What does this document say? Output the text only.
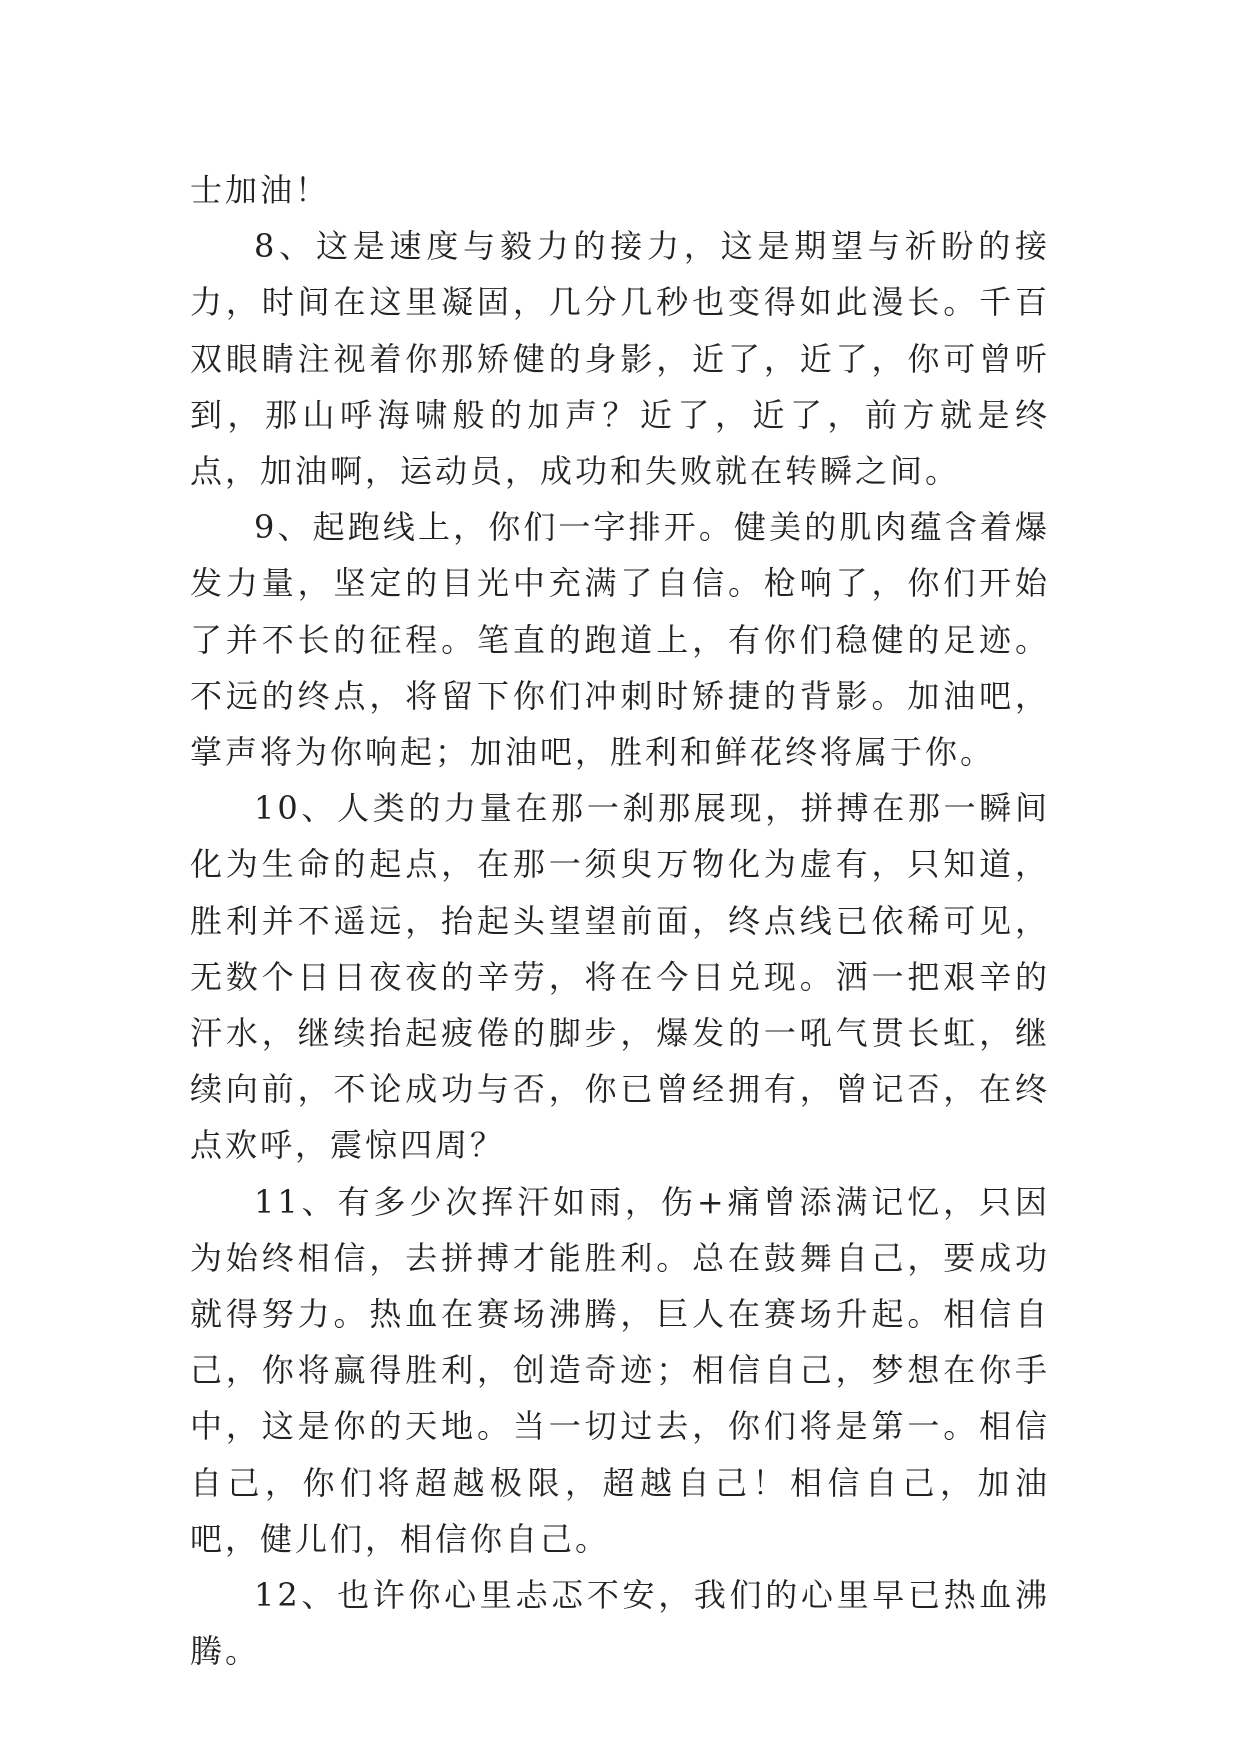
士加油！

8、这是速度与毅力的接力，这是期望与祈盼的接力，时间在这里凝固，几分几秒也变得如此漫长。千百双眼睛注视着你那矫健的身影，近了，近了，你可曾听到，那山呼海啸般的加声？近了，近了，前方就是终点，加油啊，运动员，成功和失败就在转瞬之间。

9、起跑线上，你们一字排开。健美的肌肉蕴含着爆发力量，坚定的目光中充满了自信。枪响了，你们开始了并不长的征程。笔直的跑道上，有你们稳健的足迹。不远的终点，将留下你们冲刺时矫捷的背影。加油吧，掌声将为你响起；加油吧，胜利和鲜花终将属于你。

10、人类的力量在那一刹那展现，拼搏在那一瞬间化为生命的起点，在那一须臾万物化为虚有，只知道，胜利并不遥远，抬起头望望前面，终点线已依稀可见，无数个日日夜夜的辛劳，将在今日兑现。洒一把艰辛的汗水，继续抬起疲倦的脚步，爆发的一吼气贯长虹，继续向前，不论成功与否，你已曾经拥有，曾记否，在终点欢呼，震惊四周？

11、有多少次挥汗如雨，伤+痛曾添满记忆，只因为始终相信，去拼搏才能胜利。总在鼓舞自己，要成功就得努力。热血在赛场沸腾，巨人在赛场升起。相信自己，你将赢得胜利，创造奇迹；相信自己，梦想在你手中，这是你的天地。当一切过去，你们将是第一。相信自己，你们将超越极限，超越自己！相信自己，加油吧，健儿们，相信你自己。

12、也许你心里忐忑不安，我们的心里早已热血沸腾。
